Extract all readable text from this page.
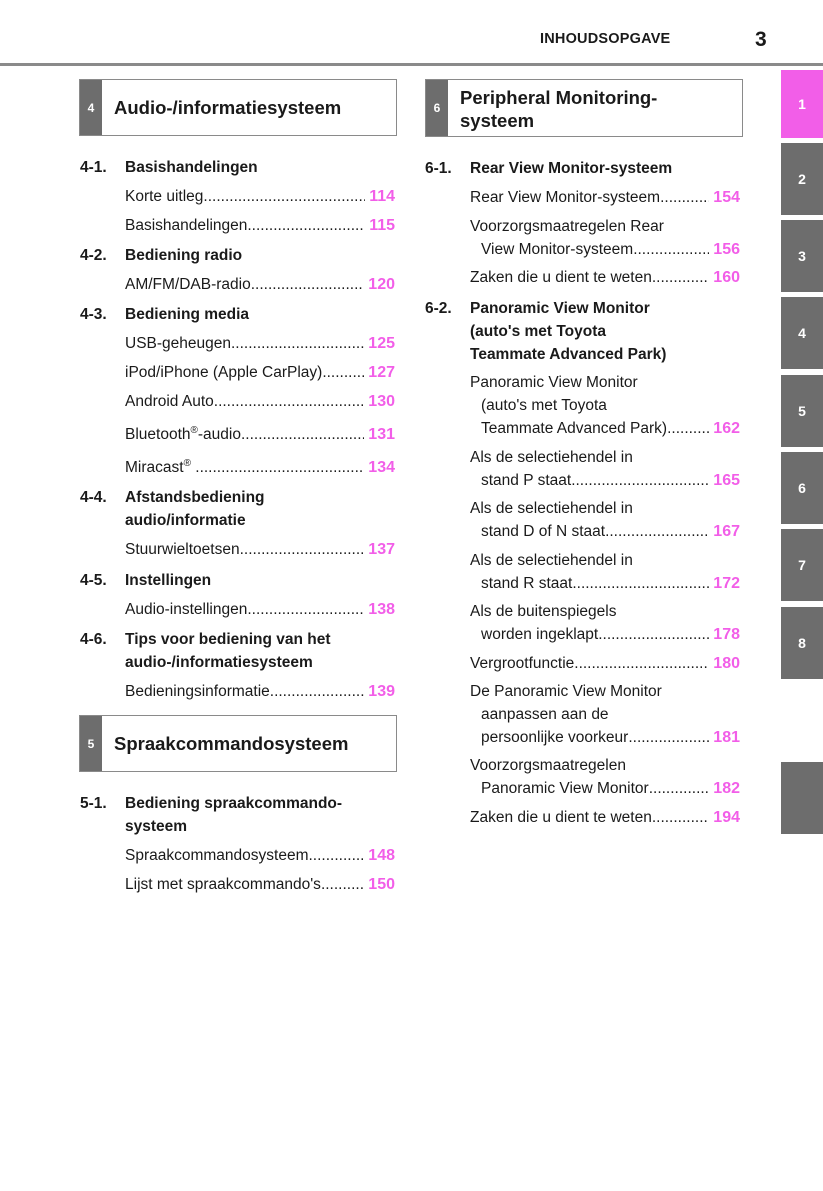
INHOUDSOPGAVE	3
1
2
3
4
5
6
7
8
4	Audio-/informatiesysteem
4-1. Basishandelingen
Korte uitleg .....	114
Basishandelingen .....	115
4-2. Bediening radio
AM/FM/DAB-radio .....	120
4-3. Bediening media
USB-geheugen .....	125
iPod/iPhone (Apple CarPlay) .....	127
Android Auto .....	130
Bluetooth®-audio .....	131
Miracast® .....	134
4-4. Afstandsbediening
audio/informatie
Stuurwieltoetsen .....	137
4-5. Instellingen
Audio-instellingen .....	138
4-6. Tips voor bediening van het
audio-/informatiesysteem
Bedieningsinformatie .....	139
5	Spraakcommandosysteem
5-1. Bediening spraakcommando-
systeem
Spraakcommandosysteem .....	148
Lijst met spraakcommando's .....	150
6	Peripheral Monitoring-
systeem
6-1. Rear View Monitor-systeem
Rear View Monitor-systeem .....	154
Voorzorgsmaatregelen Rear
View Monitor-systeem .....	156
Zaken die u dient te weten .....	160
6-2. Panoramic View Monitor
(auto's met Toyota
Teammate Advanced Park)
Panoramic View Monitor
(auto's met Toyota
Teammate Advanced Park) .....	162
Als de selectiehendel in
stand P staat. .....	165
Als de selectiehendel in
stand D of N staat .....	167
Als de selectiehendel in
stand R staat. .....	172
Als de buitenspiegels
worden ingeklapt .....	178
Vergrootfunctie .....	180
De Panoramic View Monitor
aanpassen aan de
persoonlijke voorkeur .....	181
Voorzorgsmaatregelen
Panoramic View Monitor .....	182
Zaken die u dient te weten .....	194
